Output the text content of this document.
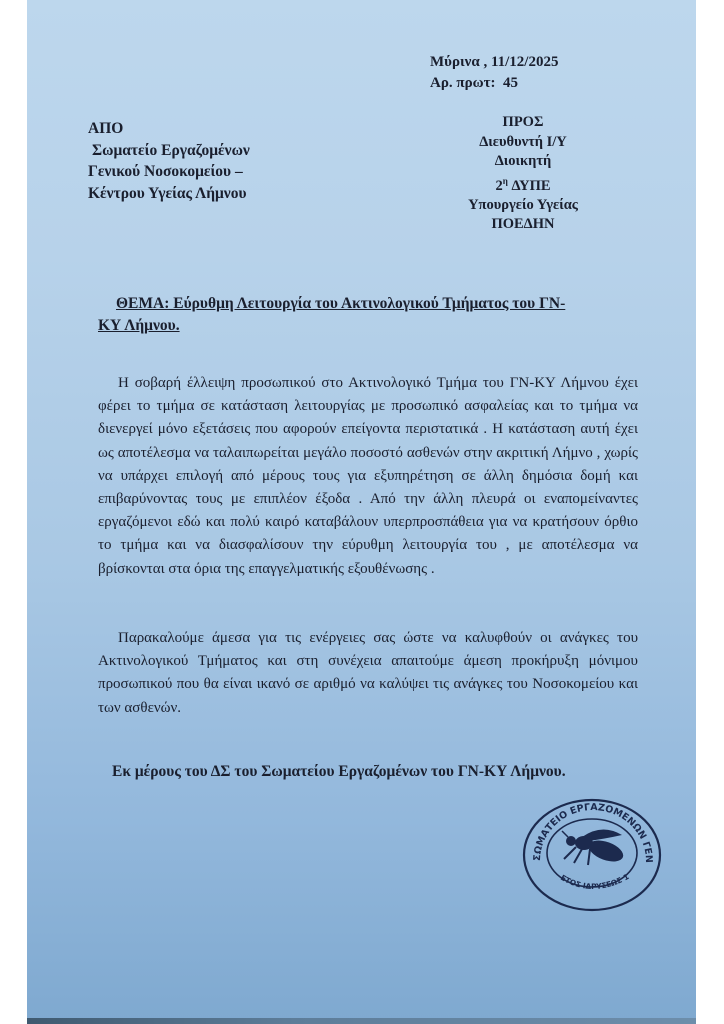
Μύρινα , 11/12/2025
Αρ. πρωτ: 45
ΑΠΟ
Σωματείο Εργαζομένων
Γενικού Νοσοκομείου –
Κέντρου Υγείας Λήμνου
ΠΡΟΣ
Διευθυντή Ι/Υ
Διοικητή
$2^\eta$ ΔΥΠΕ
Υπουργείο Υγείας
ΠΟΕΔΗΝ
ΘΕΜΑ: Εύρυθμη Λειτουργία του Ακτινολογικού Τμήματος του ΓΝ-
ΚΥ Λήμνου.

Η σοβαρή έλλειψη προσωπικού στο Ακτινολογικό Τμήμα του ΓΝ-ΚΥ Λήμνου έχει φέρει το τμήμα σε κατάσταση λειτουργίας με προσωπικό ασφαλείας και το τμήμα να διενεργεί μόνο εξετάσεις που αφορούν επείγοντα περιστατικά . Η κατάσταση αυτή έχει ως αποτέλεσμα να ταλαιπωρείται μεγάλο ποσοστό ασθενών στην ακριτική Λήμνο , χωρίς να υπάρχει επιλογή από μέρους τους για εξυπηρέτηση σε άλλη δημόσια δομή και επιβαρύνοντας τους με επιπλέον έξοδα . Από την άλλη πλευρά οι εναπομείναντες εργαζόμενοι εδώ και πολύ καιρό καταβάλουν υπερπροσπάθεια για να κρατήσουν όρθιο το τμήμα και να διασφαλίσουν την εύρυθμη λειτουργία του , με αποτέλεσμα να βρίσκονται στα όρια της επαγγελματικής εξουθένωσης .

Παρακαλούμε άμεσα για τις ενέργειες σας ώστε να καλυφθούν οι ανάγκες του Ακτινολογικού Τμήματος και στη συνέχεια απαιτούμε άμεση προκήρυξη μόνιμου προσωπικού που θα είναι ικανό σε αριθμό να καλύψει τις ανάγκες του Νοσοκομείου και των ασθενών.

Εκ μέρους του ΔΣ του Σωματείου Εργαζομένων του ΓΝ-ΚΥ Λήμνου.
ΣΩΜΑΤΕΙΟ ΕΡΓΑΖΟΜΕΝΩΝ ΓΕΝ
ΕΤΟΣ ΙΔΡΥΣΕΩΣ 1
